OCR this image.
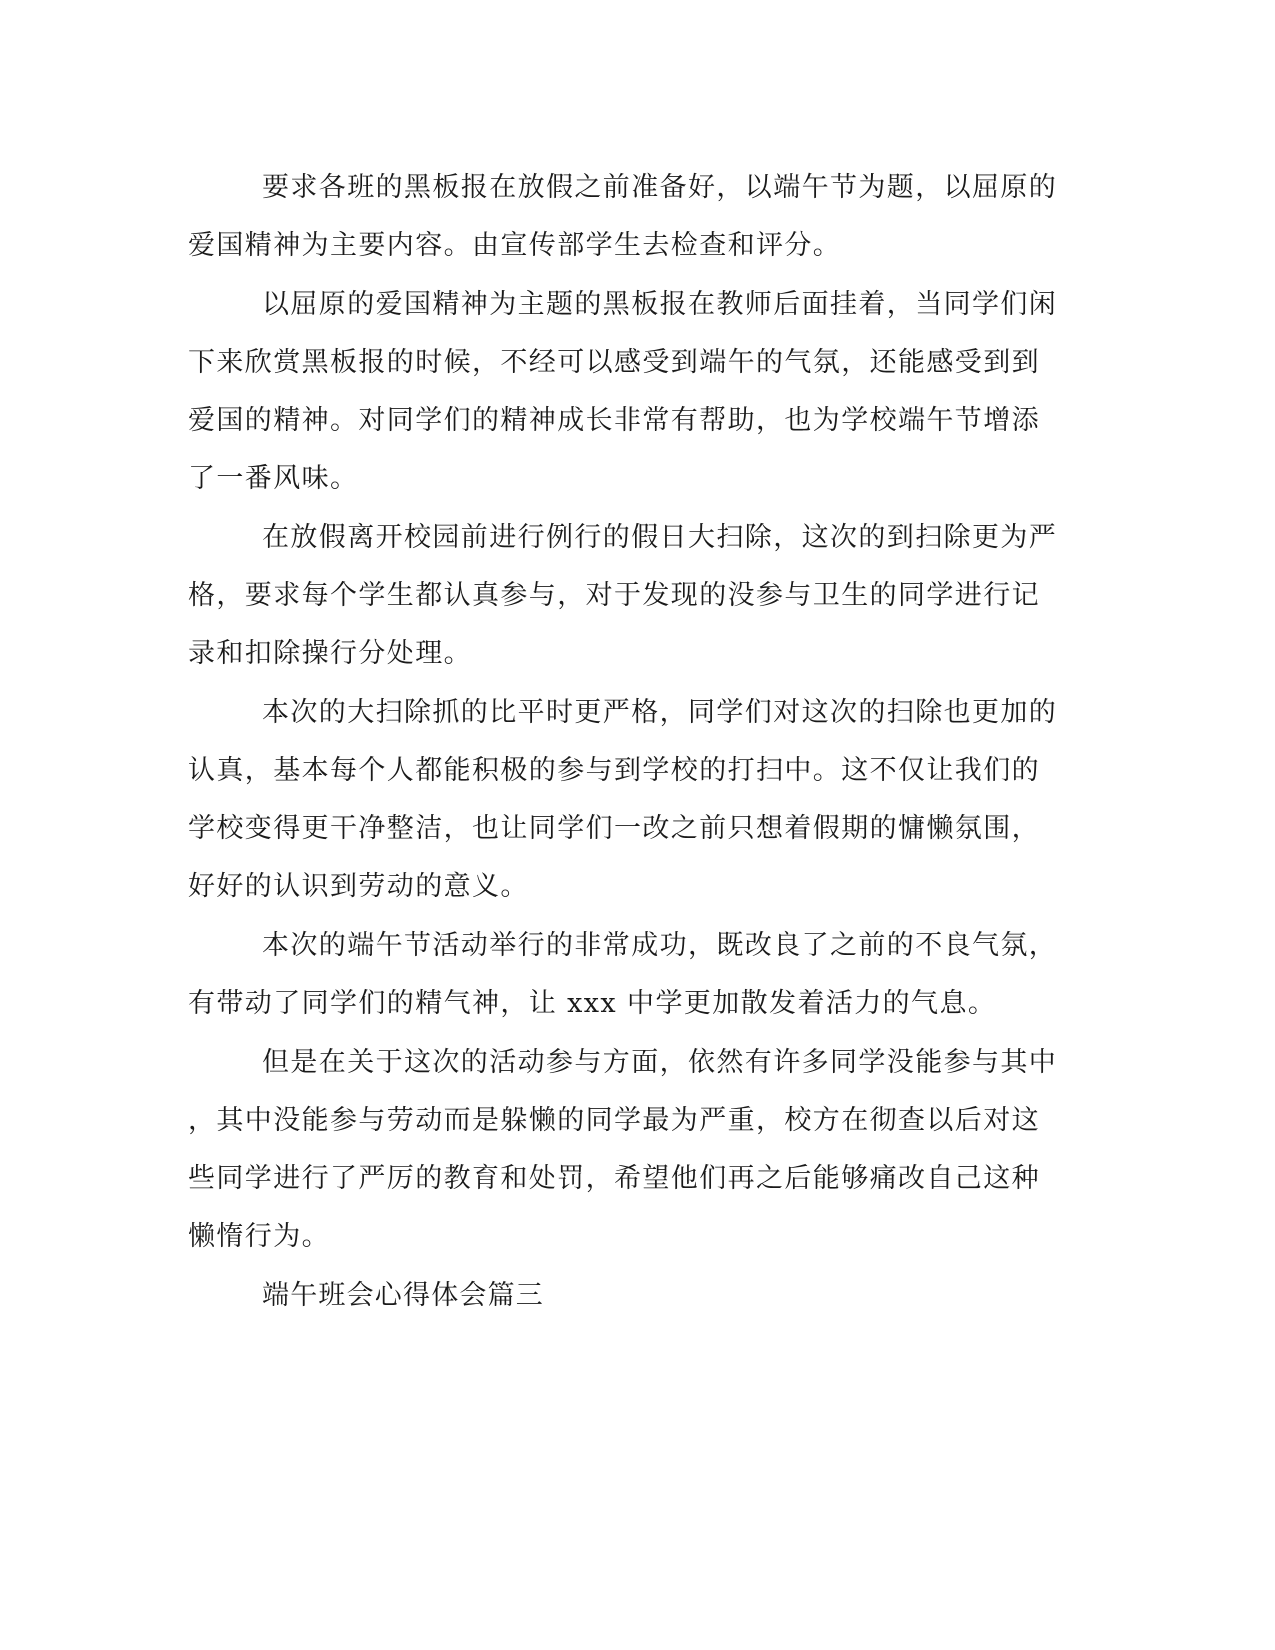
要求各班的黑板报在放假之前准备好，以端午节为题，以屈原的
爱国精神为主要内容。由宣传部学生去检查和评分。
以屈原的爱国精神为主题的黑板报在教师后面挂着，当同学们闲
下来欣赏黑板报的时候，不经可以感受到端午的气氛，还能感受到到
爱国的精神。对同学们的精神成长非常有帮助，也为学校端午节增添
了一番风味。
在放假离开校园前进行例行的假日大扫除，这次的到扫除更为严
格，要求每个学生都认真参与，对于发现的没参与卫生的同学进行记
录和扣除操行分处理。
本次的大扫除抓的比平时更严格，同学们对这次的扫除也更加的
认真，基本每个人都能积极的参与到学校的打扫中。这不仅让我们的
学校变得更干净整洁，也让同学们一改之前只想着假期的慵懒氛围，
好好的认识到劳动的意义。
本次的端午节活动举行的非常成功，既改良了之前的不良气氛，
有带动了同学们的精气神，让 xxx 中学更加散发着活力的气息。
但是在关于这次的活动参与方面，依然有许多同学没能参与其中
，其中没能参与劳动而是躲懒的同学最为严重，校方在彻查以后对这
些同学进行了严厉的教育和处罚，希望他们再之后能够痛改自己这种
懒惰行为。
端午班会心得体会篇三
